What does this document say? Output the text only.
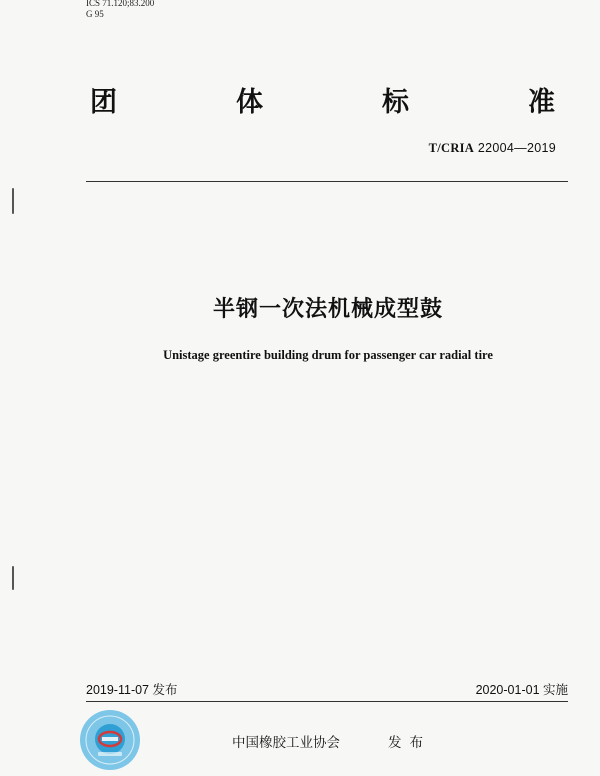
ICS 71.120;83.200
G 95
团	体	标	准
T/CRIA 22004—2019
半钢一次法机械成型鼓
Unistage greentire building drum for passenger car radial tire
2019-11-07 发布	2020-01-01 实施
中国橡胶工业协会	发布
